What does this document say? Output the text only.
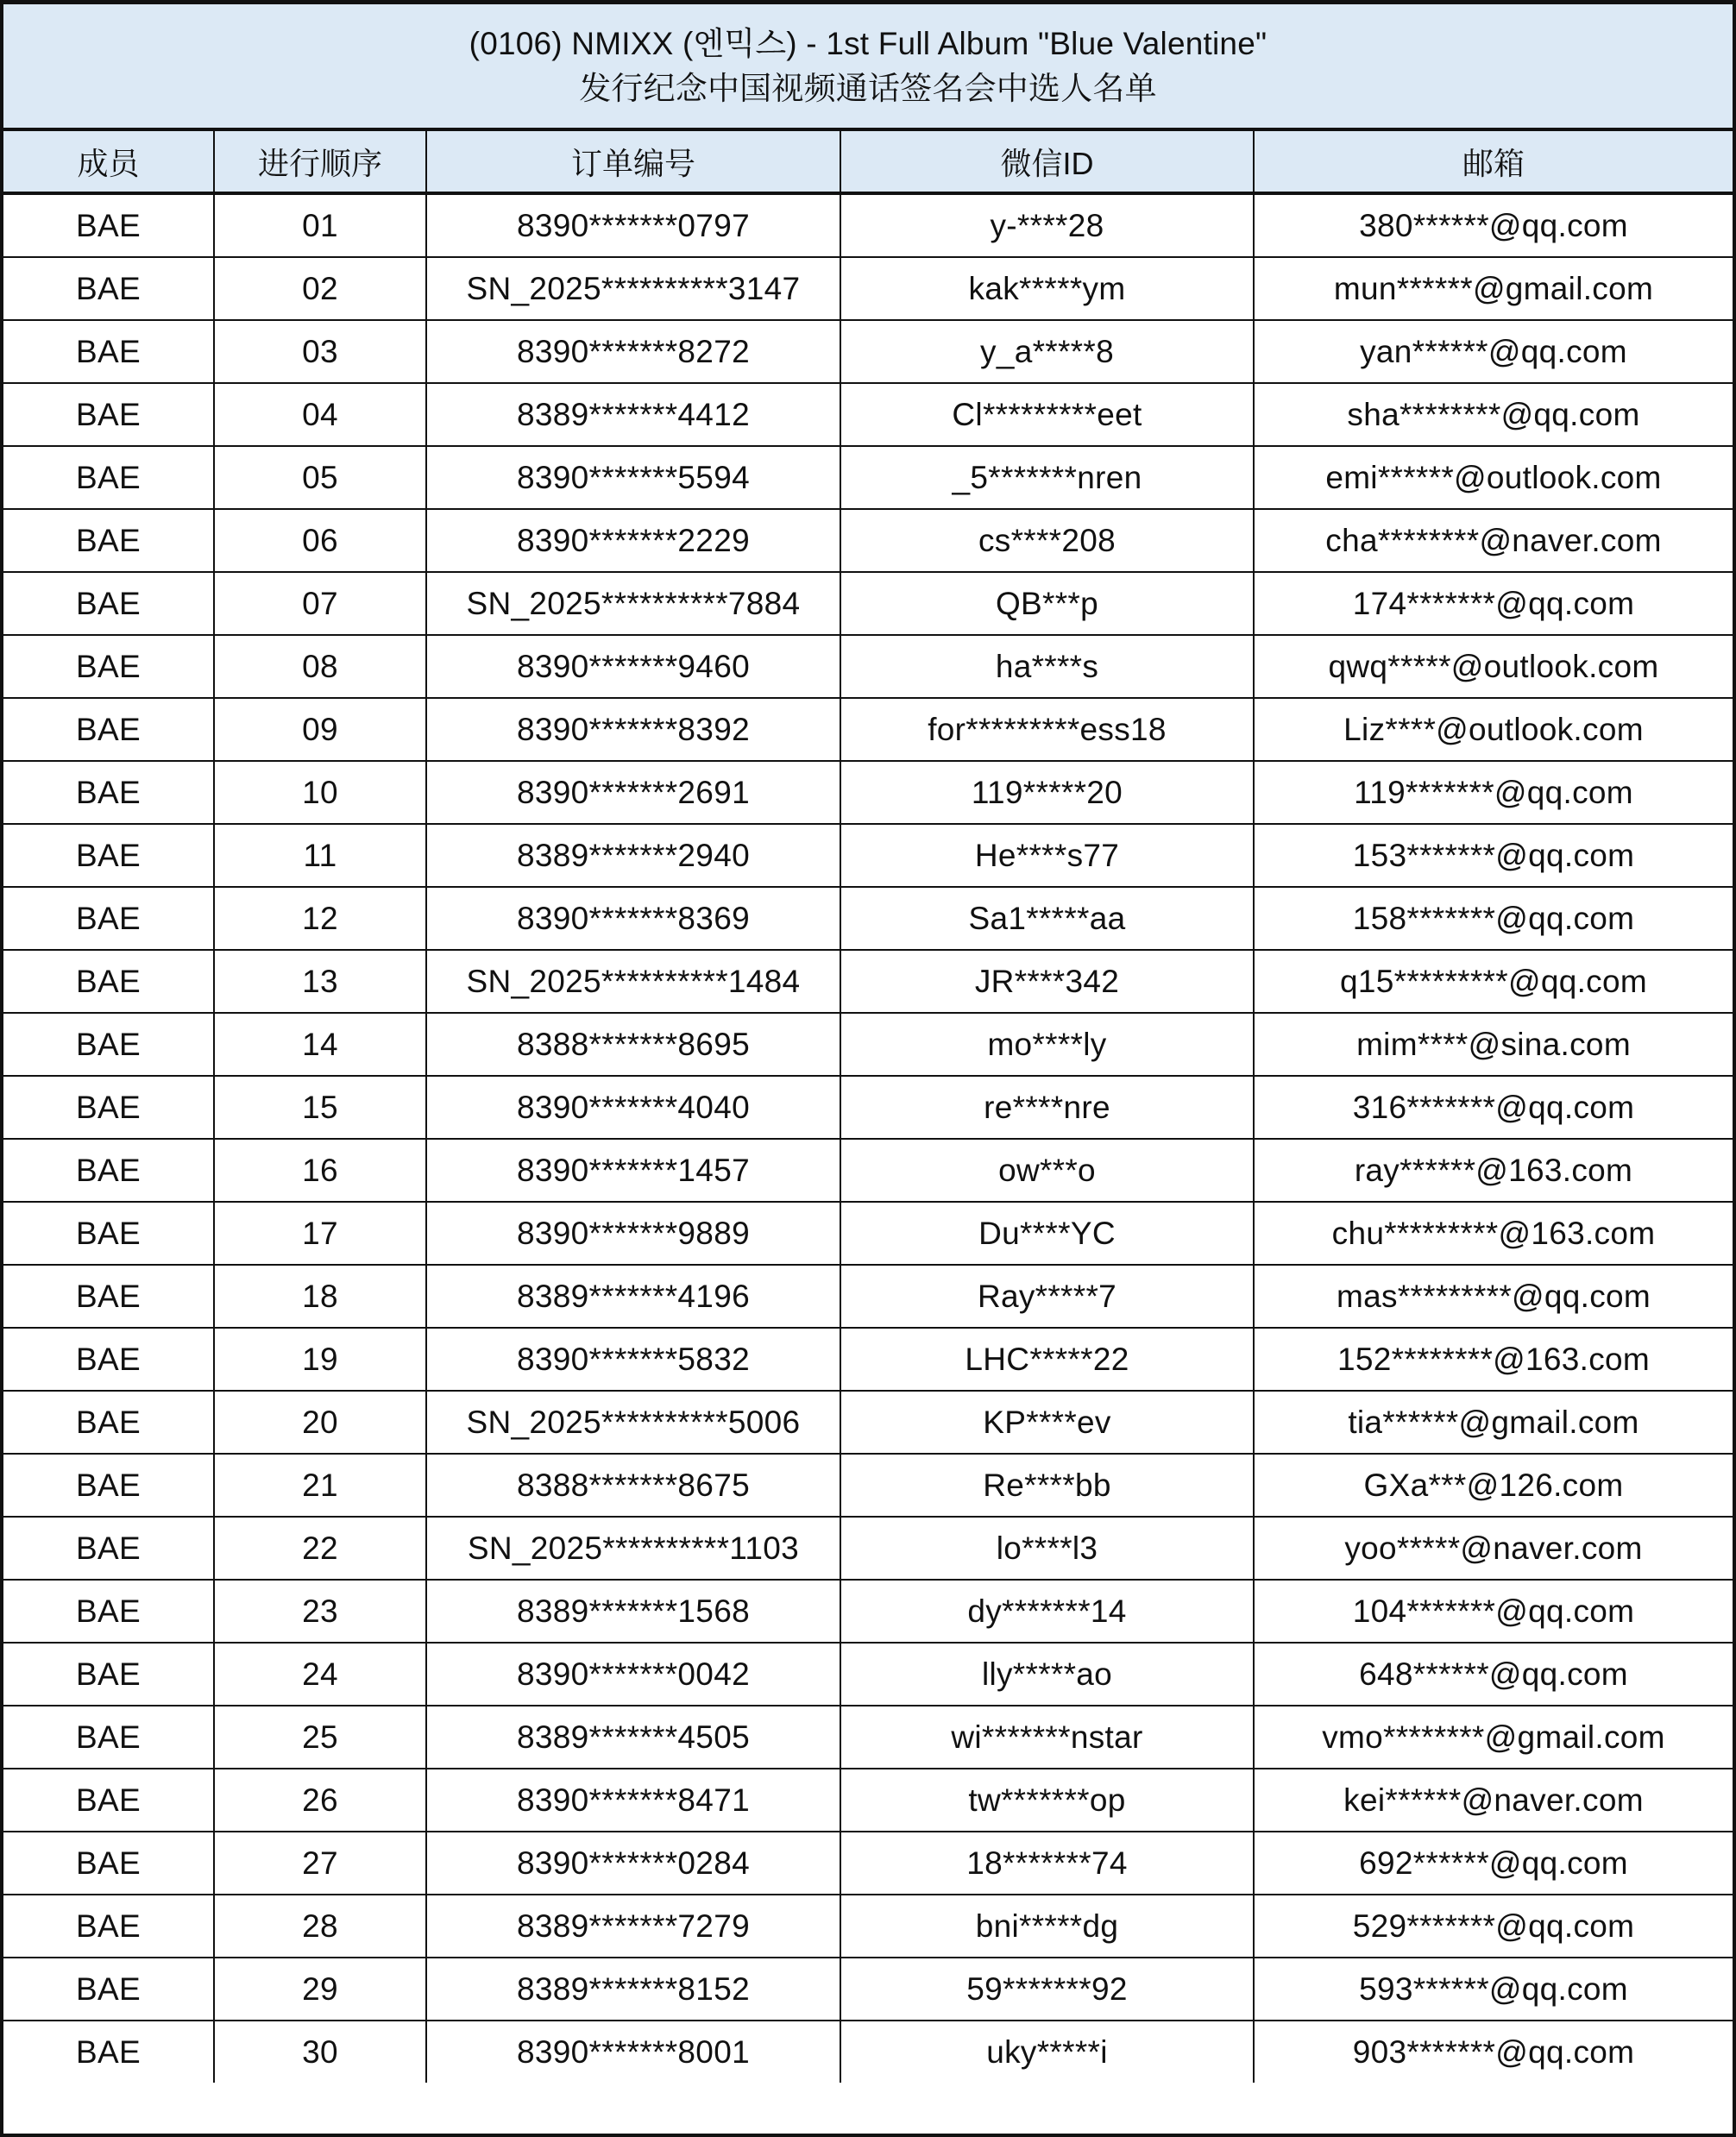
(0106) NMIXX (엔믹스) - 1st Full Album "Blue Valentine"
发行纪念中国视频通话签名会中选人名单
成员	进行顺序	订单编号	微信ID	邮箱
BAE	01	8390*******0797	y-****28	380******@qq.com
BAE	02	SN_2025**********3147	kak*****ym	mun******@gmail.com
BAE	03	8390*******8272	y_a*****8	yan******@qq.com
BAE	04	8389*******4412	Cl*********eet	sha********@qq.com
BAE	05	8390*******5594	_5*******nren	emi******@outlook.com
BAE	06	8390*******2229	cs****208	cha********@naver.com
BAE	07	SN_2025**********7884	QB***p	174*******@qq.com
BAE	08	8390*******9460	ha****s	qwq*****@outlook.com
BAE	09	8390*******8392	for*********ess18	Liz****@outlook.com
BAE	10	8390*******2691	119*****20	119*******@qq.com
BAE	11	8389*******2940	He****s77	153*******@qq.com
BAE	12	8390*******8369	Sa1*****aa	158*******@qq.com
BAE	13	SN_2025**********1484	JR****342	q15*********@qq.com
BAE	14	8388*******8695	mo****ly	mim****@sina.com
BAE	15	8390*******4040	re****nre	316*******@qq.com
BAE	16	8390*******1457	ow***o	ray******@163.com
BAE	17	8390*******9889	Du****YC	chu*********@163.com
BAE	18	8389*******4196	Ray*****7	mas*********@qq.com
BAE	19	8390*******5832	LHC*****22	152********@163.com
BAE	20	SN_2025**********5006	KP****ev	tia******@gmail.com
BAE	21	8388*******8675	Re****bb	GXa***@126.com
BAE	22	SN_2025**********1103	lo****l3	yoo*****@naver.com
BAE	23	8389*******1568	dy*******14	104*******@qq.com
BAE	24	8390*******0042	lly*****ao	648******@qq.com
BAE	25	8389*******4505	wi*******nstar	vmo********@gmail.com
BAE	26	8390*******8471	tw*******op	kei******@naver.com
BAE	27	8390*******0284	18*******74	692******@qq.com
BAE	28	8389*******7279	bni*****dg	529*******@qq.com
BAE	29	8389*******8152	59*******92	593******@qq.com
BAE	30	8390*******8001	uky*****i	903*******@qq.com
